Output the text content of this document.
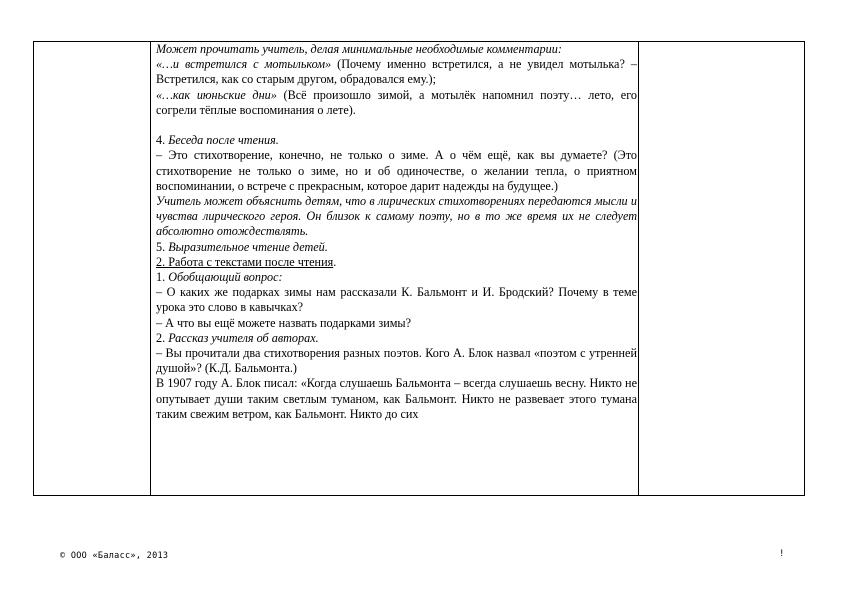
Может прочитать учитель, делая минимальные необходимые комментарии:

«…и встретился с мотыльком» (Почему именно встретился, а не увидел мотылька? – Встретился, как со старым другом, обрадовался ему.);

«…как июньские дни» (Всё произошло зимой, а мотылёк напомнил поэту… лето, его согрели тёплые воспоминания о лете).

4. Беседа после чтения.

– Это стихотворение, конечно, не только о зиме. А о чём ещё, как вы думаете? (Это стихотворение не только о зиме, но и об одиночестве, о желании тепла, о приятном воспоминании, о встрече с прекрасным, которое дарит надежды на будущее.)

Учитель может объяснить детям, что в лирических стихотворениях передаются мысли и чувства лирического героя. Он близок к самому поэту, но в то же время их не следует абсолютно отождествлять.

5. Выразительное чтение детей.

2. Работа с текстами после чтения.

1. Обобщающий вопрос:

– О каких же подарках зимы нам рассказали К. Бальмонт и И. Бродский? Почему в теме урока это слово в кавычках?

– А что вы ещё можете назвать подарками зимы?

2. Рассказ учителя об авторах.

– Вы прочитали два стихотворения разных поэтов. Кого А. Блок назвал «поэтом с утренней душой»? (К.Д. Бальмонта.)

В 1907 году А. Блок писал: «Когда слушаешь Бальмонта – всегда слушаешь весну. Никто не опутывает души таким светлым туманом, как Бальмонт. Никто не развевает этого тумана таким свежим ветром, как Бальмонт. Никто до сих

© ООО «Баласс», 2013	!
